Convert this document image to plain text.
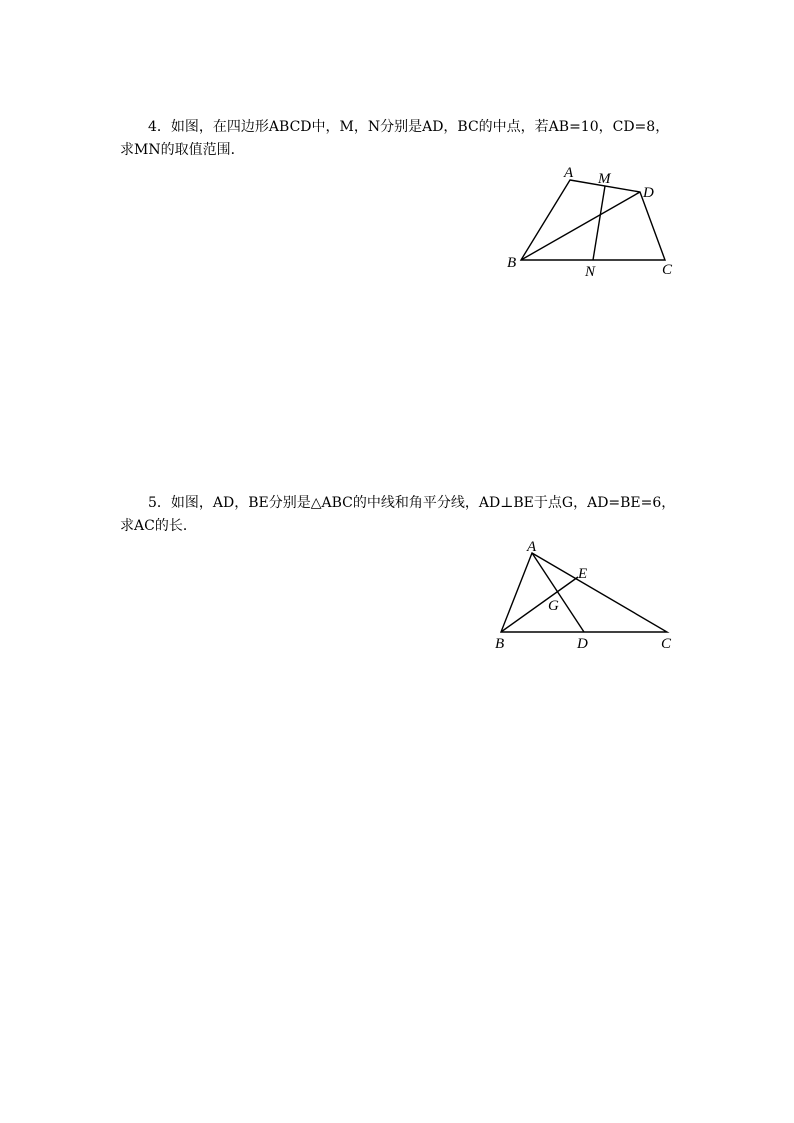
4．如图，在四边形ABCD中，M，N分别是AD，BC的中点，若AB=10，CD=8，
求MN的取值范围．

A M
D
B
N	C

5．如图，AD，BE分别是△ABC的中线和角平分线，AD⊥BE于点G，AD=BE=6，
求AC的长．

A
E
G
B	D	C
